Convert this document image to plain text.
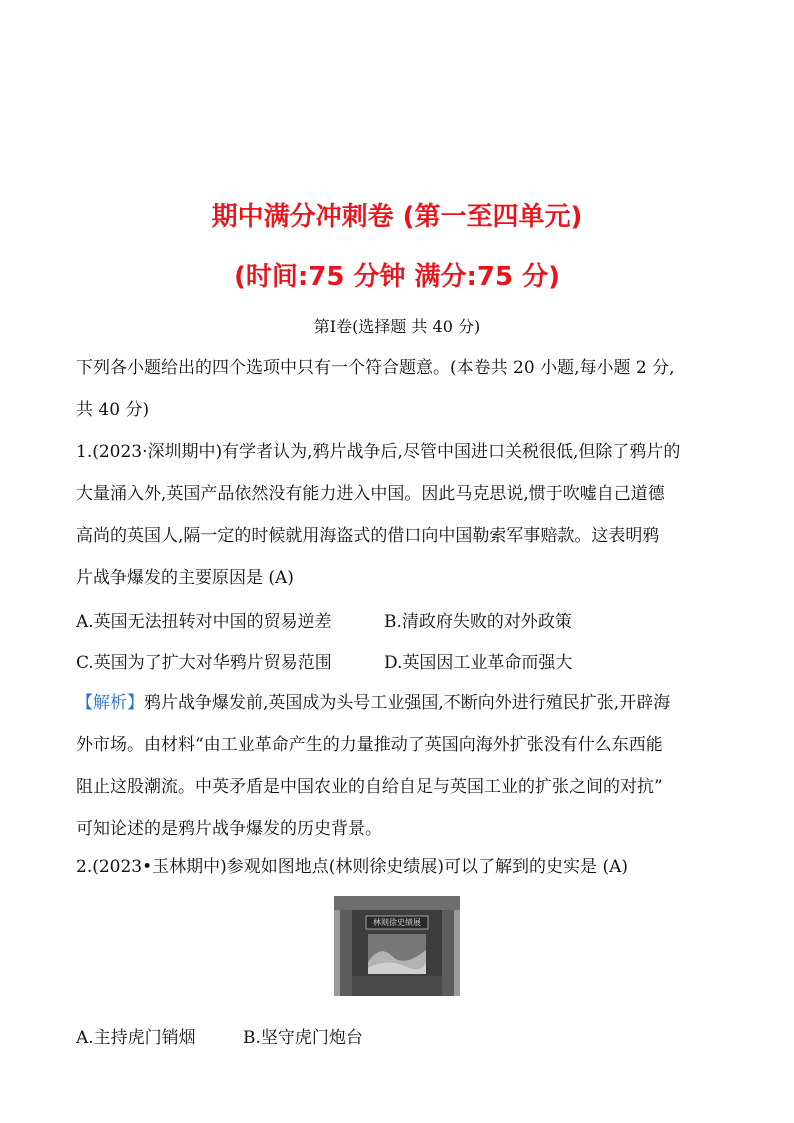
期中满分冲刺卷 (第一至四单元)
(时间:75 分钟 满分:75 分)
第Ⅰ卷(选择题 共 40 分)
下列各小题给出的四个选项中只有一个符合题意。(本卷共 20 小题,每小题 2 分,
共 40 分)
1.(2023·深圳期中)有学者认为,鸦片战争后,尽管中国进口关税很低,但除了鸦片的
大量涌入外,英国产品依然没有能力进入中国。因此马克思说,惯于吹嘘自己道德
高尚的英国人,隔一定的时候就用海盗式的借口向中国勒索军事赔款。这表明鸦
片战争爆发的主要原因是 (A)
A.英国无法扭转对中国的贸易逆差	B.清政府失败的对外政策
C.英国为了扩大对华鸦片贸易范围	D.英国因工业革命而强大
【解析】鸦片战争爆发前,英国成为头号工业强国,不断向外进行殖民扩张,开辟海
外市场。由材料“由工业革命产生的力量推动了英国向海外扩张没有什么东西能
阻止这股潮流。中英矛盾是中国农业的自给自足与英国工业的扩张之间的对抗”
可知论述的是鸦片战争爆发的历史背景。
2.(2023•玉林期中)参观如图地点(林则徐史绩展)可以了解到的史实是 (A)
林则徐史绩展
A.主持虎门销烟	B.坚守虎门炮台
